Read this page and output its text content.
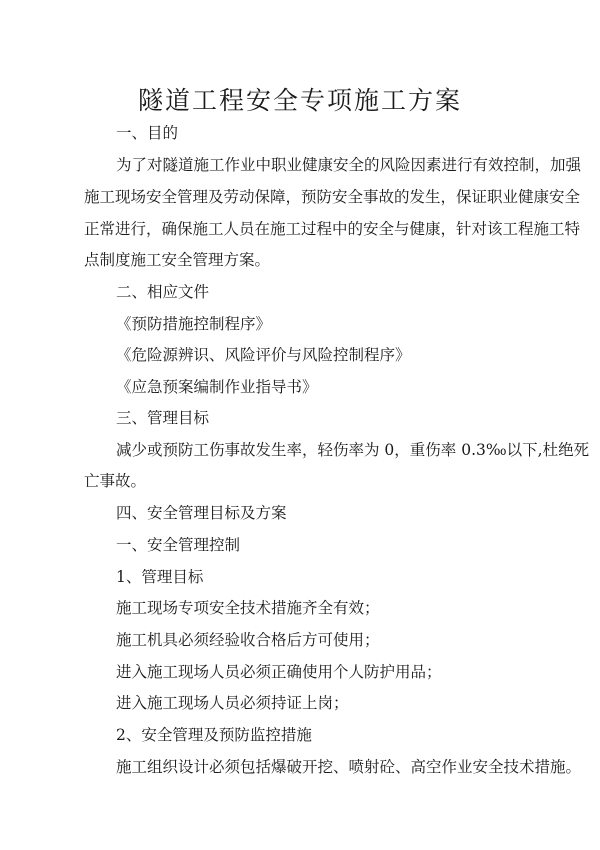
隧道工程安全专项施工方案
一、目的
为了对隧道施工作业中职业健康安全的风险因素进行有效控制，加强
施工现场安全管理及劳动保障，预防安全事故的发生，保证职业健康安全
正常进行，确保施工人员在施工过程中的安全与健康，针对该工程施工特
点制度施工安全管理方案。
二、相应文件
《预防措施控制程序》
《危险源辨识、风险评价与风险控制程序》
《应急预案编制作业指导书》
三、管理目标
减少或预防工伤事故发生率，轻伤率为 0，重伤率 0.3‰以下,杜绝死
亡事故。
四、安全管理目标及方案
一、安全管理控制
1、管理目标
施工现场专项安全技术措施齐全有效；
施工机具必须经验收合格后方可使用；
进入施工现场人员必须正确使用个人防护用品；
进入施工现场人员必须持证上岗；
2、安全管理及预防监控措施
施工组织设计必须包括爆破开挖、喷射砼、高空作业安全技术措施。
